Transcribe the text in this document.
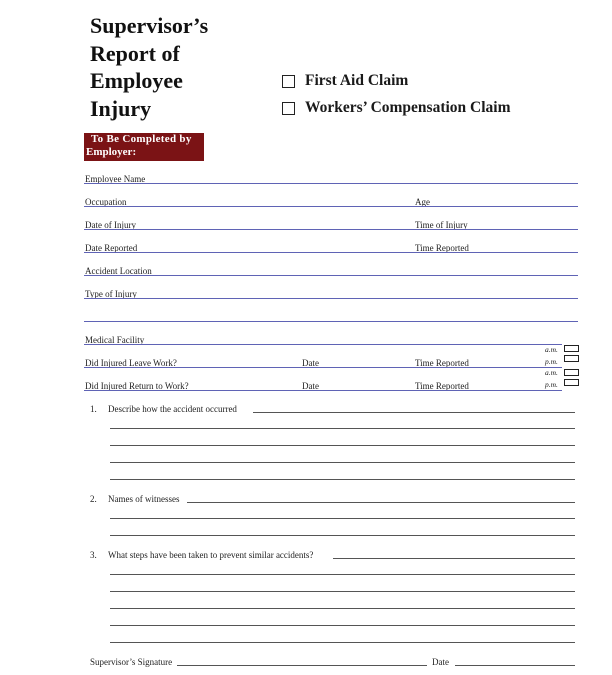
Supervisor’s
Report of
Employee
Injury
First Aid Claim
Workers’ Compensation Claim
To Be Completed by
Employer:
Employee Name
Occupation	Age
Date of Injury	Time of Injury
Date Reported	Time Reported
Accident Location
Type of Injury
Medical Facility
a.m.
Did Injured Leave Work?	Date	Time Reported	p.m.
a.m.
Did Injured Return to Work?	Date	Time Reported	p.m.
1. Describe how the accident occurred
2. Names of witnesses
3. What steps have been taken to prevent similar accidents?
Supervisor’s Signature	Date
